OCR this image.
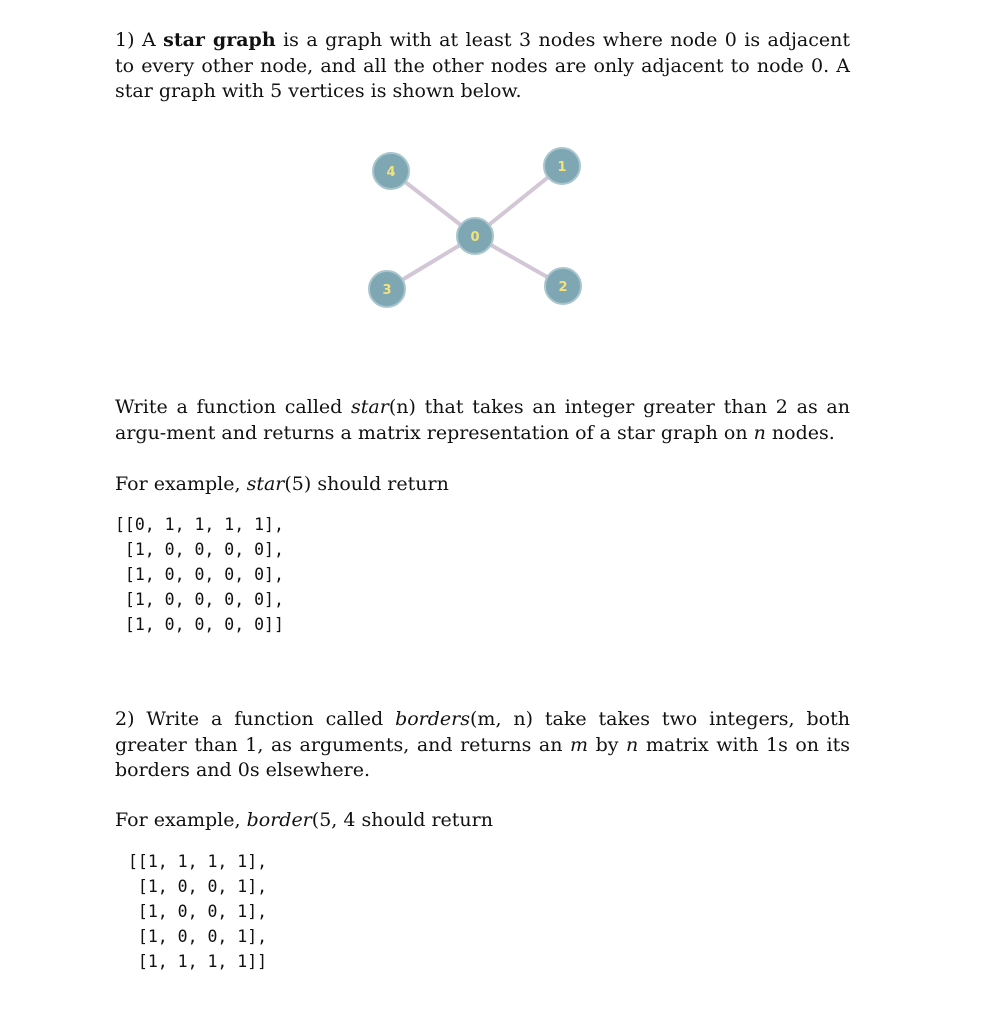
1) A star graph is a graph with at least 3 nodes where node 0 is adjacent to every other node, and all the other nodes are only adjacent to node 0. A star graph with 5 vertices is shown below.

0
1
2
3
4

Write a function called star(n) that takes an integer greater than 2 as an argu-ment and returns a matrix representation of a star graph on n nodes.

For example, star(5) should return

[[0, 1, 1, 1, 1],
[1, 0, 0, 0, 0],
[1, 0, 0, 0, 0],
[1, 0, 0, 0, 0],
[1, 0, 0, 0, 0]]

2) Write a function called borders(m, n) take takes two integers, both greater than 1, as arguments, and returns an m by n matrix with 1s on its borders and 0s elsewhere.

For example, border(5, 4 should return

[[1, 1, 1, 1],
[1, 0, 0, 1],
[1, 0, 0, 1],
[1, 0, 0, 1],
[1, 1, 1, 1]]
